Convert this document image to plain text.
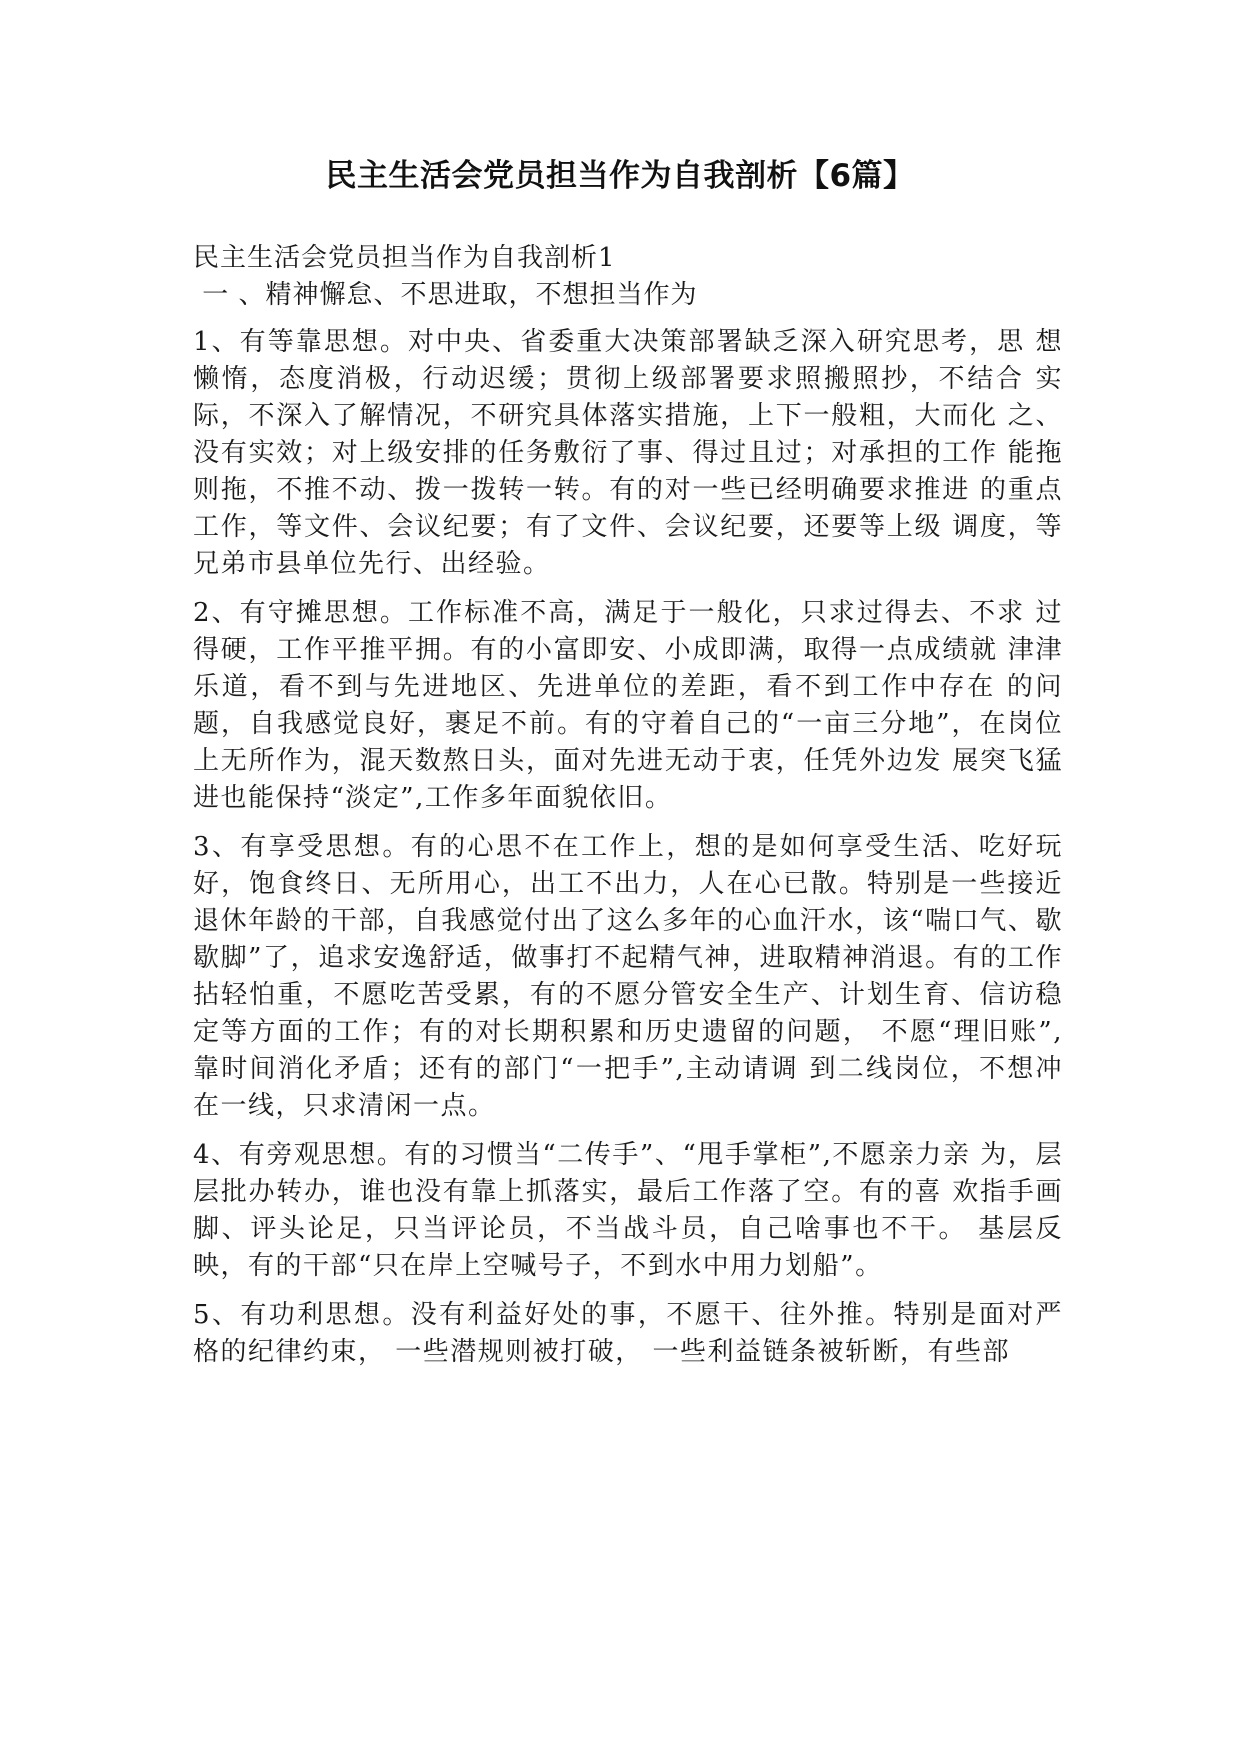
民主生活会党员担当作为自我剖析【6篇】

民主生活会党员担当作为自我剖析1

一 、精神懈怠、不思进取，不想担当作为

1、有等靠思想。对中央、省委重大决策部署缺乏深入研究思考，思 想懒惰，态度消极，行动迟缓；贯彻上级部署要求照搬照抄，不结合 实际，不深入了解情况，不研究具体落实措施，上下一般粗，大而化 之、没有实效；对上级安排的任务敷衍了事、得过且过；对承担的工作 能拖则拖，不推不动、拨一拨转一转。有的对一些已经明确要求推进 的重点工作，等文件、会议纪要；有了文件、会议纪要，还要等上级 调度，等兄弟市县单位先行、出经验。

2、有守摊思想。工作标准不高，满足于一般化，只求过得去、不求 过得硬，工作平推平拥。有的小富即安、小成即满，取得一点成绩就 津津乐道，看不到与先进地区、先进单位的差距，看不到工作中存在 的问题，自我感觉良好，裹足不前。有的守着自己的“一亩三分地”，在岗位上无所作为，混天数熬日头，面对先进无动于衷，任凭外边发 展突飞猛进也能保持“淡定”,工作多年面貌依旧。

3、有享受思想。有的心思不在工作上，想的是如何享受生活、吃好玩好，饱食终日、无所用心，出工不出力，人在心已散。特别是一些接近退休年龄的干部，自我感觉付出了这么多年的心血汗水，该“喘口气、歇歇脚”了，追求安逸舒适，做事打不起精气神，进取精神消退。有的工作拈轻怕重，不愿吃苦受累，有的不愿分管安全生产、计划生育、信访稳定等方面的工作；有的对长期积累和历史遗留的问题， 不愿“理旧账”,靠时间消化矛盾；还有的部门“一把手”,主动请调 到二线岗位，不想冲在一线，只求清闲一点。

4、有旁观思想。有的习惯当“二传手”、“甩手掌柜”,不愿亲力亲 为，层层批办转办，谁也没有靠上抓落实，最后工作落了空。有的喜 欢指手画脚、评头论足，只当评论员，不当战斗员，自己啥事也不干。 基层反映，有的干部“只在岸上空喊号子，不到水中用力划船”。

5、有功利思想。没有利益好处的事，不愿干、往外推。特别是面对严格的纪律约束， 一些潜规则被打破， 一些利益链条被斩断，有些部
